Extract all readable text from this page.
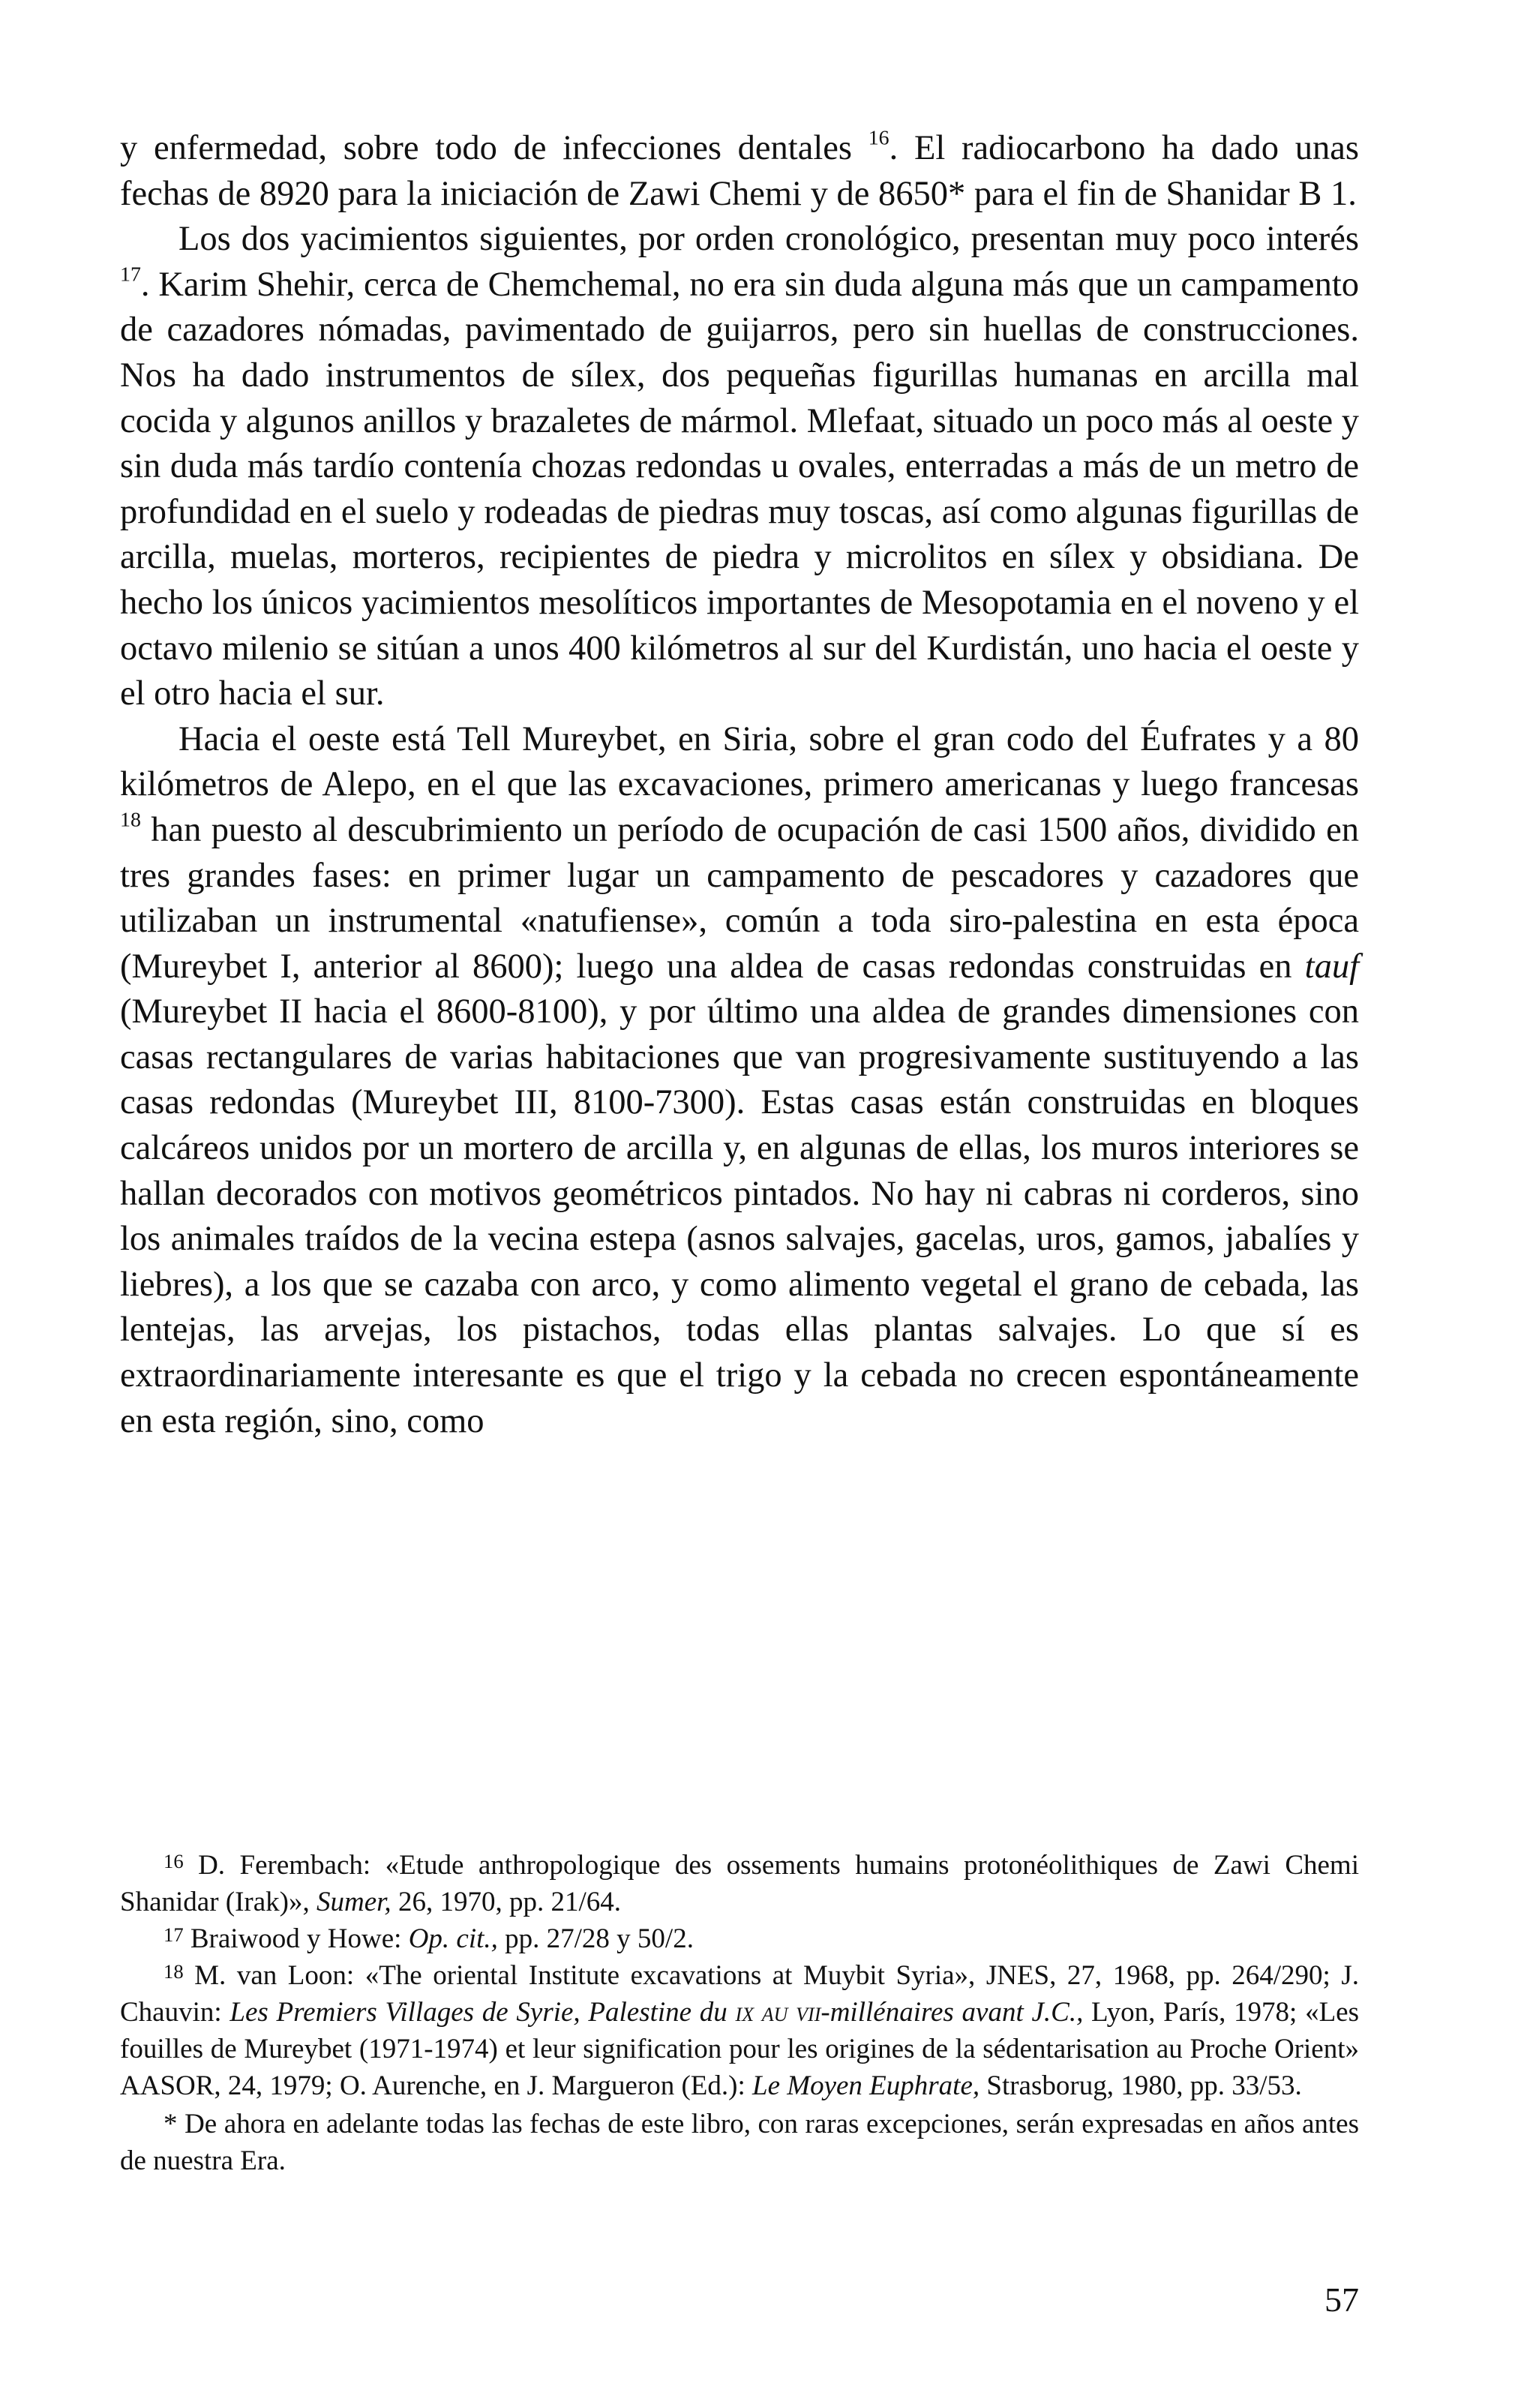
y enfermedad, sobre todo de infecciones dentales $^{16}$. El radiocarbono ha dado unas fechas de 8920 para la iniciación de Zawi Chemi y de 8650* para el fin de Shanidar B 1.

Los dos yacimientos siguientes, por orden cronológico, presentan muy poco interés $^{17}$. Karim Shehir, cerca de Chemchemal, no era sin duda alguna más que un campamento de cazadores nómadas, pavimentado de guijarros, pero sin huellas de construcciones. Nos ha dado instrumentos de sílex, dos pequeñas figurillas humanas en arcilla mal cocida y algunos anillos y brazaletes de mármol. Mlefaat, situado un poco más al oeste y sin duda más tardío contenía chozas redondas u ovales, enterradas a más de un metro de profundidad en el suelo y rodeadas de piedras muy toscas, así como algunas figurillas de arcilla, muelas, morteros, recipientes de piedra y microlitos en sílex y obsidiana. De hecho los únicos yacimientos mesolíticos importantes de Mesopotamia en el noveno y el octavo milenio se sitúan a unos 400 kilómetros al sur del Kurdistán, uno hacia el oeste y el otro hacia el sur.

Hacia el oeste está Tell Mureybet, en Siria, sobre el gran codo del Éufrates y a 80 kilómetros de Alepo, en el que las excavaciones, primero americanas y luego francesas $^{18}$ han puesto al descubrimiento un período de ocupación de casi 1500 años, dividido en tres grandes fases: en primer lugar un campamento de pescadores y cazadores que utilizaban un instrumental «natufiense», común a toda siro-palestina en esta época (Mureybet I, anterior al 8600); luego una aldea de casas redondas construidas en tauf (Mureybet II hacia el 8600-8100), y por último una aldea de grandes dimensiones con casas rectangulares de varias habitaciones que van progresivamente sustituyendo a las casas redondas (Mureybet III, 8100-7300). Estas casas están construidas en bloques calcáreos unidos por un mortero de arcilla y, en algunas de ellas, los muros interiores se hallan decorados con motivos geométricos pintados. No hay ni cabras ni corderos, sino los animales traídos de la vecina estepa (asnos salvajes, gacelas, uros, gamos, jabalíes y liebres), a los que se cazaba con arco, y como alimento vegetal el grano de cebada, las lentejas, las arvejas, los pistachos, todas ellas plantas salvajes. Lo que sí es extraordinariamente interesante es que el trigo y la cebada no crecen espontáneamente en esta región, sino, como

$^{16}$ D. Ferembach: «Etude anthropologique des ossements humains protonéolithiques de Zawi Chemi Shanidar (Irak)», Sumer, 26, 1970, pp. 21/64.

$^{17}$ Braiwood y Howe: Op. cit., pp. 27/28 y 50/2.

$^{18}$ M. van Loon: «The oriental Institute excavations at Muybit Syria», JNES, 27, 1968, pp. 264/290; J. Chauvin: Les Premiers Villages de Syrie, Palestine du ix au vii-millénaires avant J.C., Lyon, París, 1978; «Les fouilles de Mureybet (1971-1974) et leur signification pour les origines de la sédentarisation au Proche Orient» AASOR, 24, 1979; O. Aurenche, en J. Margueron (Ed.): Le Moyen Euphrate, Strasborug, 1980, pp. 33/53.

* De ahora en adelante todas las fechas de este libro, con raras excepciones, serán expresadas en años antes de nuestra Era.

57
